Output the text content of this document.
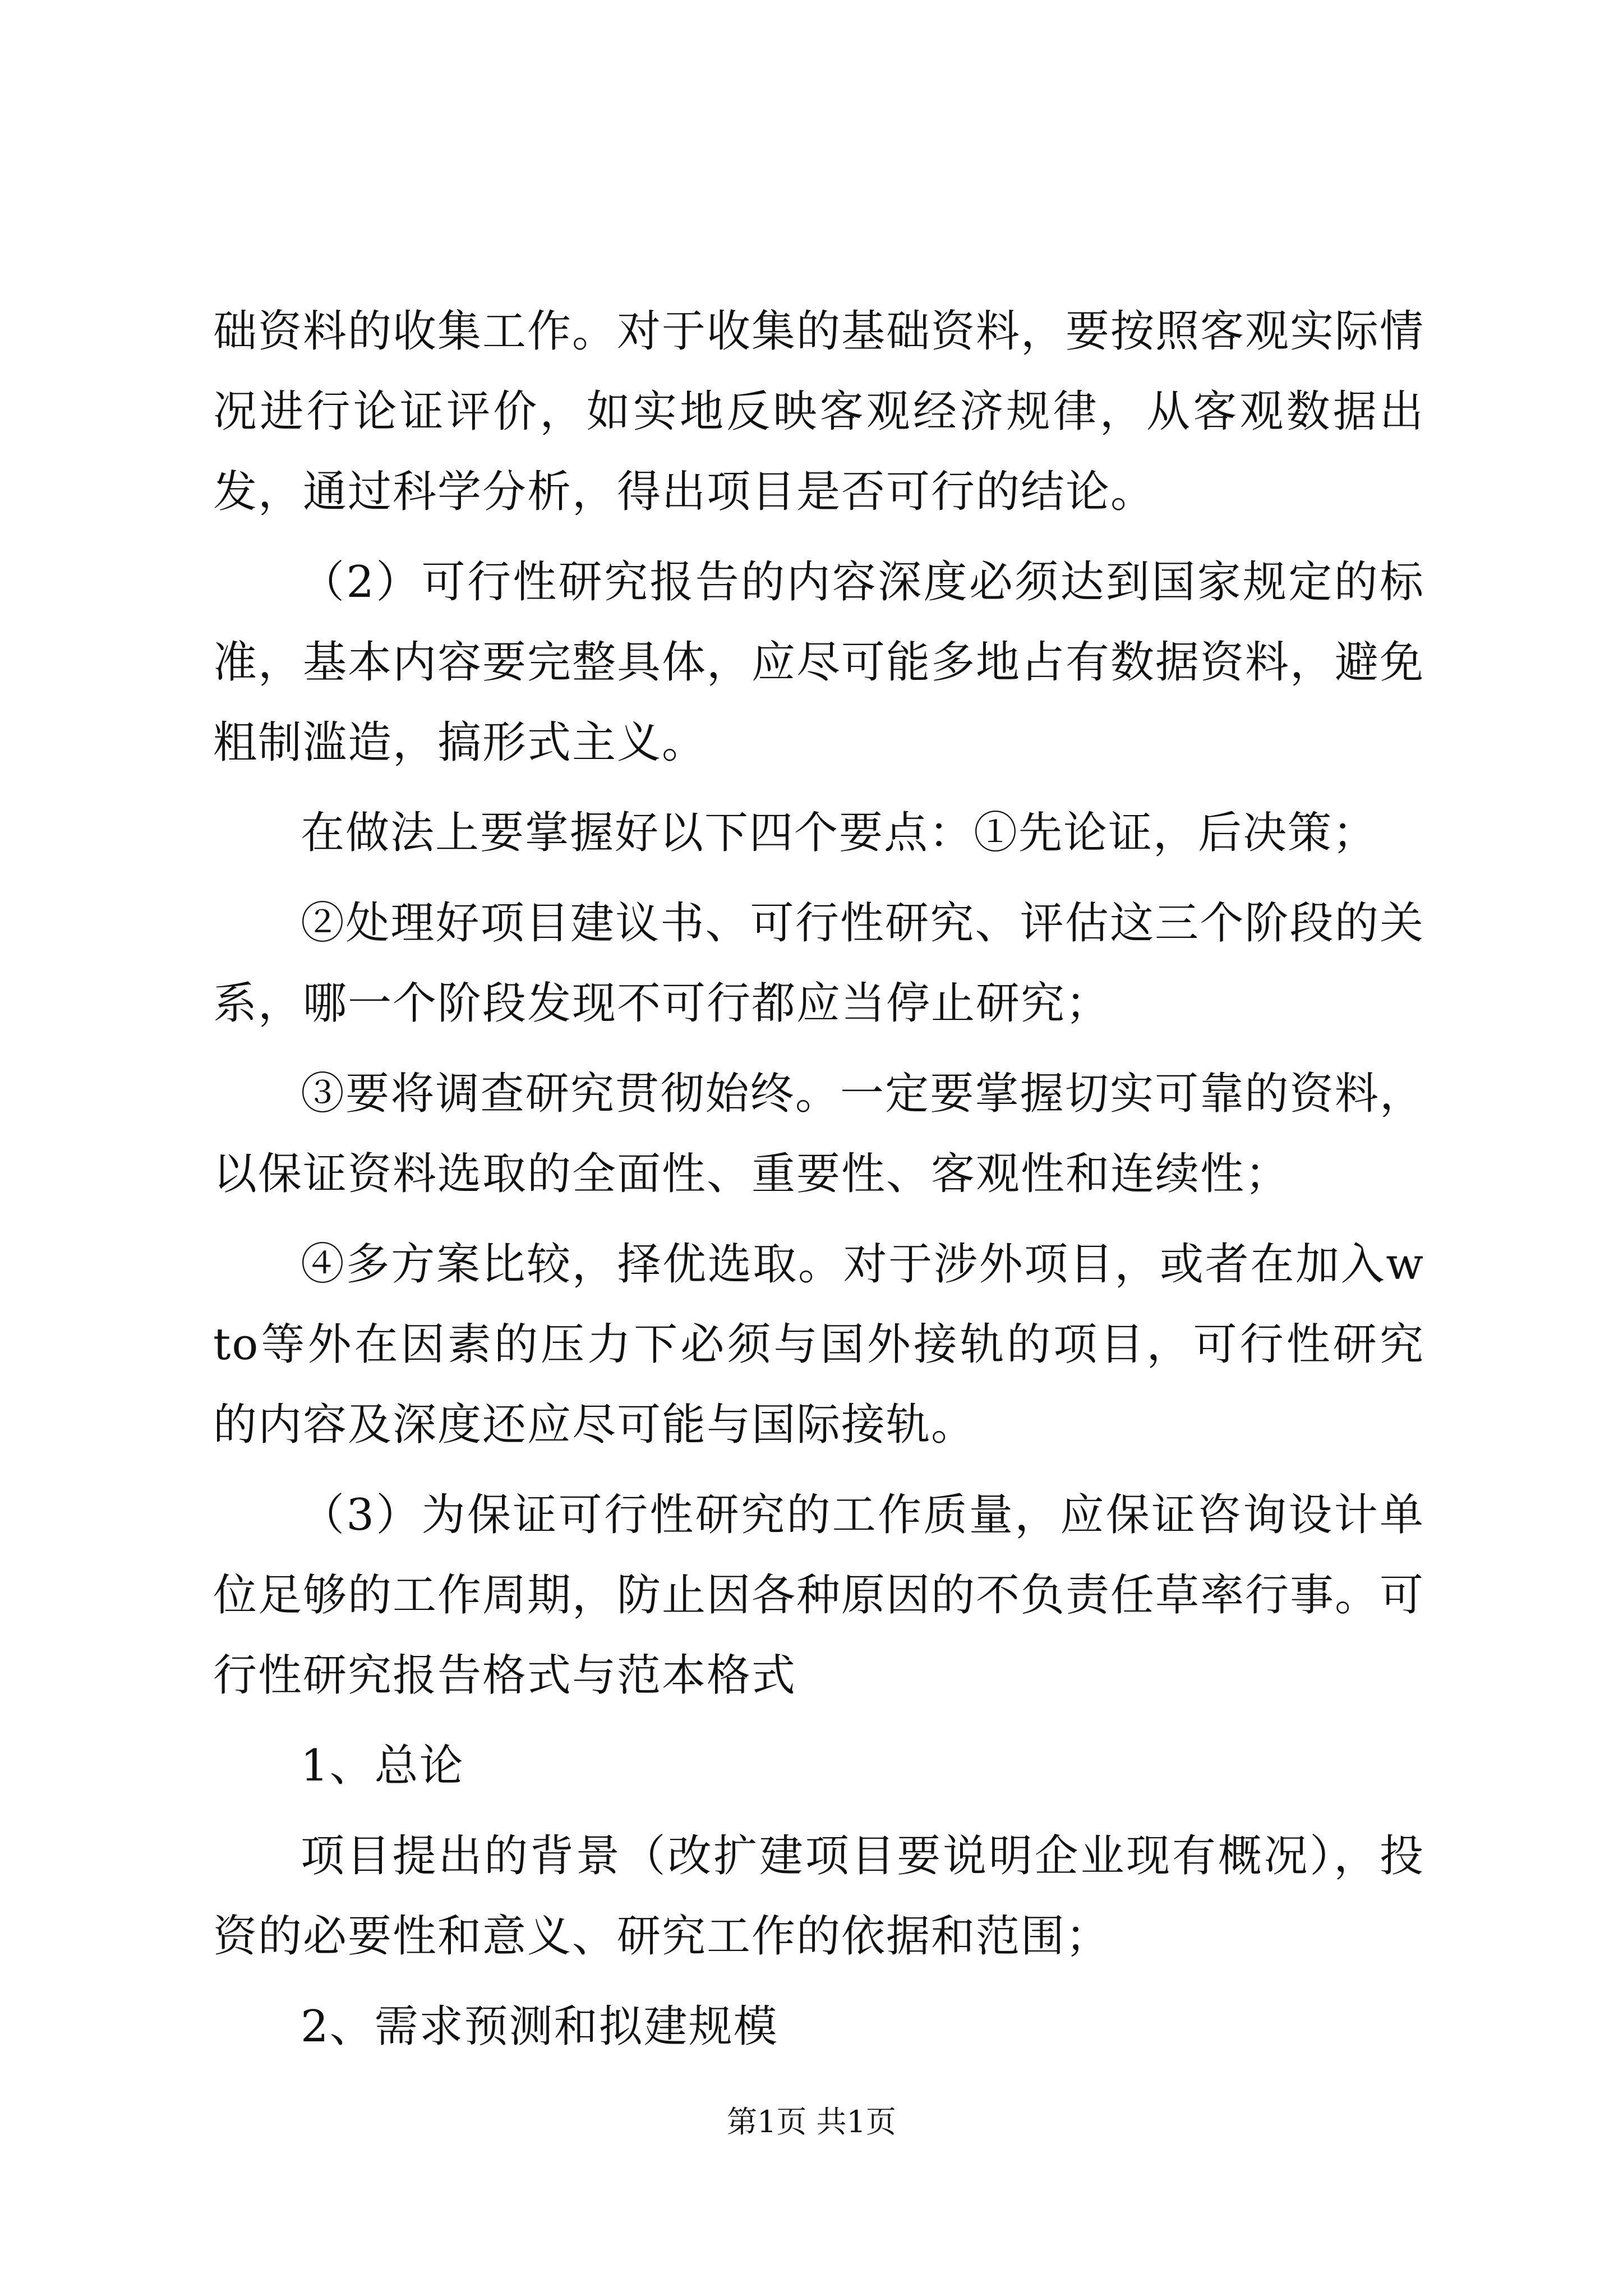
础资料的收集工作。对于收集的基础资料，要按照客观实际情况进行论证评价，如实地反映客观经济规律，从客观数据出发，通过科学分析，得出项目是否可行的结论。

（2）可行性研究报告的内容深度必须达到国家规定的标准，基本内容要完整具体，应尽可能多地占有数据资料，避免粗制滥造，搞形式主义。

在做法上要掌握好以下四个要点：①先论证，后决策；

②处理好项目建议书、可行性研究、评估这三个阶段的关系，哪一个阶段发现不可行都应当停止研究；

③要将调查研究贯彻始终。一定要掌握切实可靠的资料，以保证资料选取的全面性、重要性、客观性和连续性；

④多方案比较，择优选取。对于涉外项目，或者在加入wto等外在因素的压力下必须与国外接轨的项目，可行性研究的内容及深度还应尽可能与国际接轨。

（3）为保证可行性研究的工作质量，应保证咨询设计单位足够的工作周期，防止因各种原因的不负责任草率行事。可行性研究报告格式与范本格式

1、总论

项目提出的背景（改扩建项目要说明企业现有概况），投资的必要性和意义、研究工作的依据和范围；

2、需求预测和拟建规模

第1页 共1页
